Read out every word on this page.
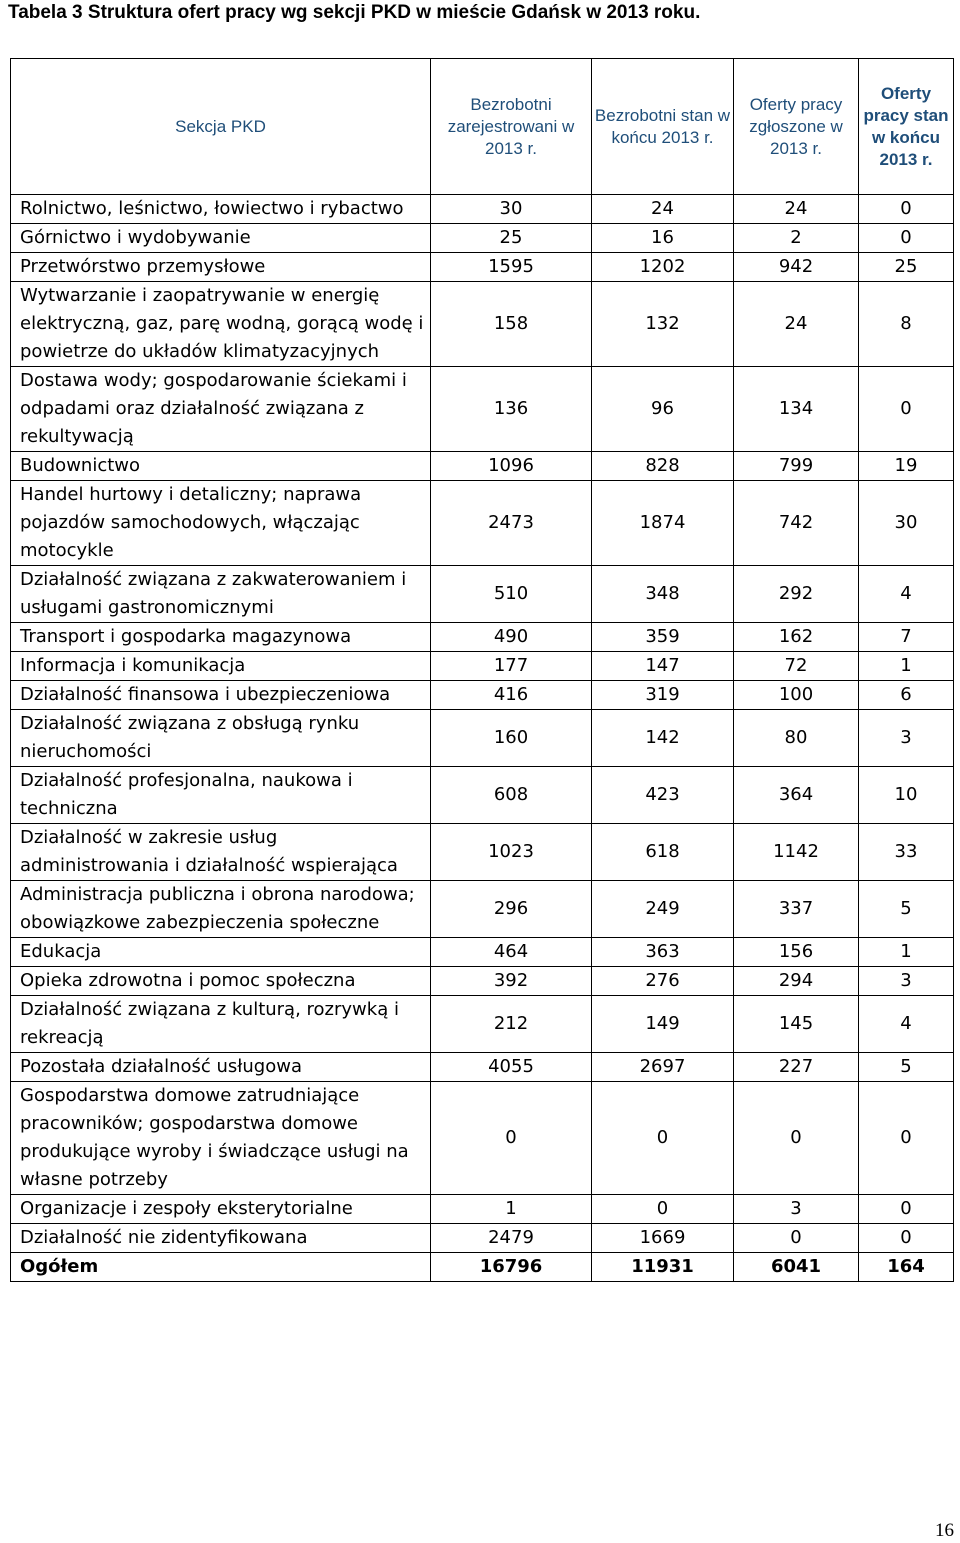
Tabela 3 Struktura ofert pracy wg sekcji PKD w mieście Gdańsk w 2013 roku.
Sekcja PKD	Bezrobotni zarejestrowani w 2013 r.	Bezrobotni stan w końcu 2013 r.	Oferty pracy zgłoszone w 2013 r.	Oferty pracy stan w końcu 2013 r.
Rolnictwo, leśnictwo, łowiectwo i rybactwo	30	24	24	0
Górnictwo i wydobywanie	25	16	2	0
Przetwórstwo przemysłowe	1595	1202	942	25
Wytwarzanie i zaopatrywanie w energię elektryczną, gaz, parę wodną, gorącą wodę i powietrze do układów klimatyzacyjnych	158	132	24	8
Dostawa wody; gospodarowanie ściekami i odpadami oraz działalność związana z rekultywacją	136	96	134	0
Budownictwo	1096	828	799	19
Handel hurtowy i detaliczny; naprawa pojazdów samochodowych, włączając motocykle	2473	1874	742	30
Działalność związana z zakwaterowaniem i usługami gastronomicznymi	510	348	292	4
Transport i gospodarka magazynowa	490	359	162	7
Informacja i komunikacja	177	147	72	1
Działalność finansowa i ubezpieczeniowa	416	319	100	6
Działalność związana z obsługą rynku nieruchomości	160	142	80	3
Działalność profesjonalna, naukowa i techniczna	608	423	364	10
Działalność w zakresie usług administrowania i działalność wspierająca	1023	618	1142	33
Administracja publiczna i obrona narodowa; obowiązkowe zabezpieczenia społeczne	296	249	337	5
Edukacja	464	363	156	1
Opieka zdrowotna i pomoc społeczna	392	276	294	3
Działalność związana z kulturą, rozrywką i rekreacją	212	149	145	4
Pozostała działalność usługowa	4055	2697	227	5
Gospodarstwa domowe zatrudniające pracowników; gospodarstwa domowe produkujące wyroby i świadczące usługi na własne potrzeby	0	0	0	0
Organizacje i zespoły eksterytorialne	1	0	3	0
Działalność nie zidentyfikowana	2479	1669	0	0
Ogółem	16796	11931	6041	164
16
